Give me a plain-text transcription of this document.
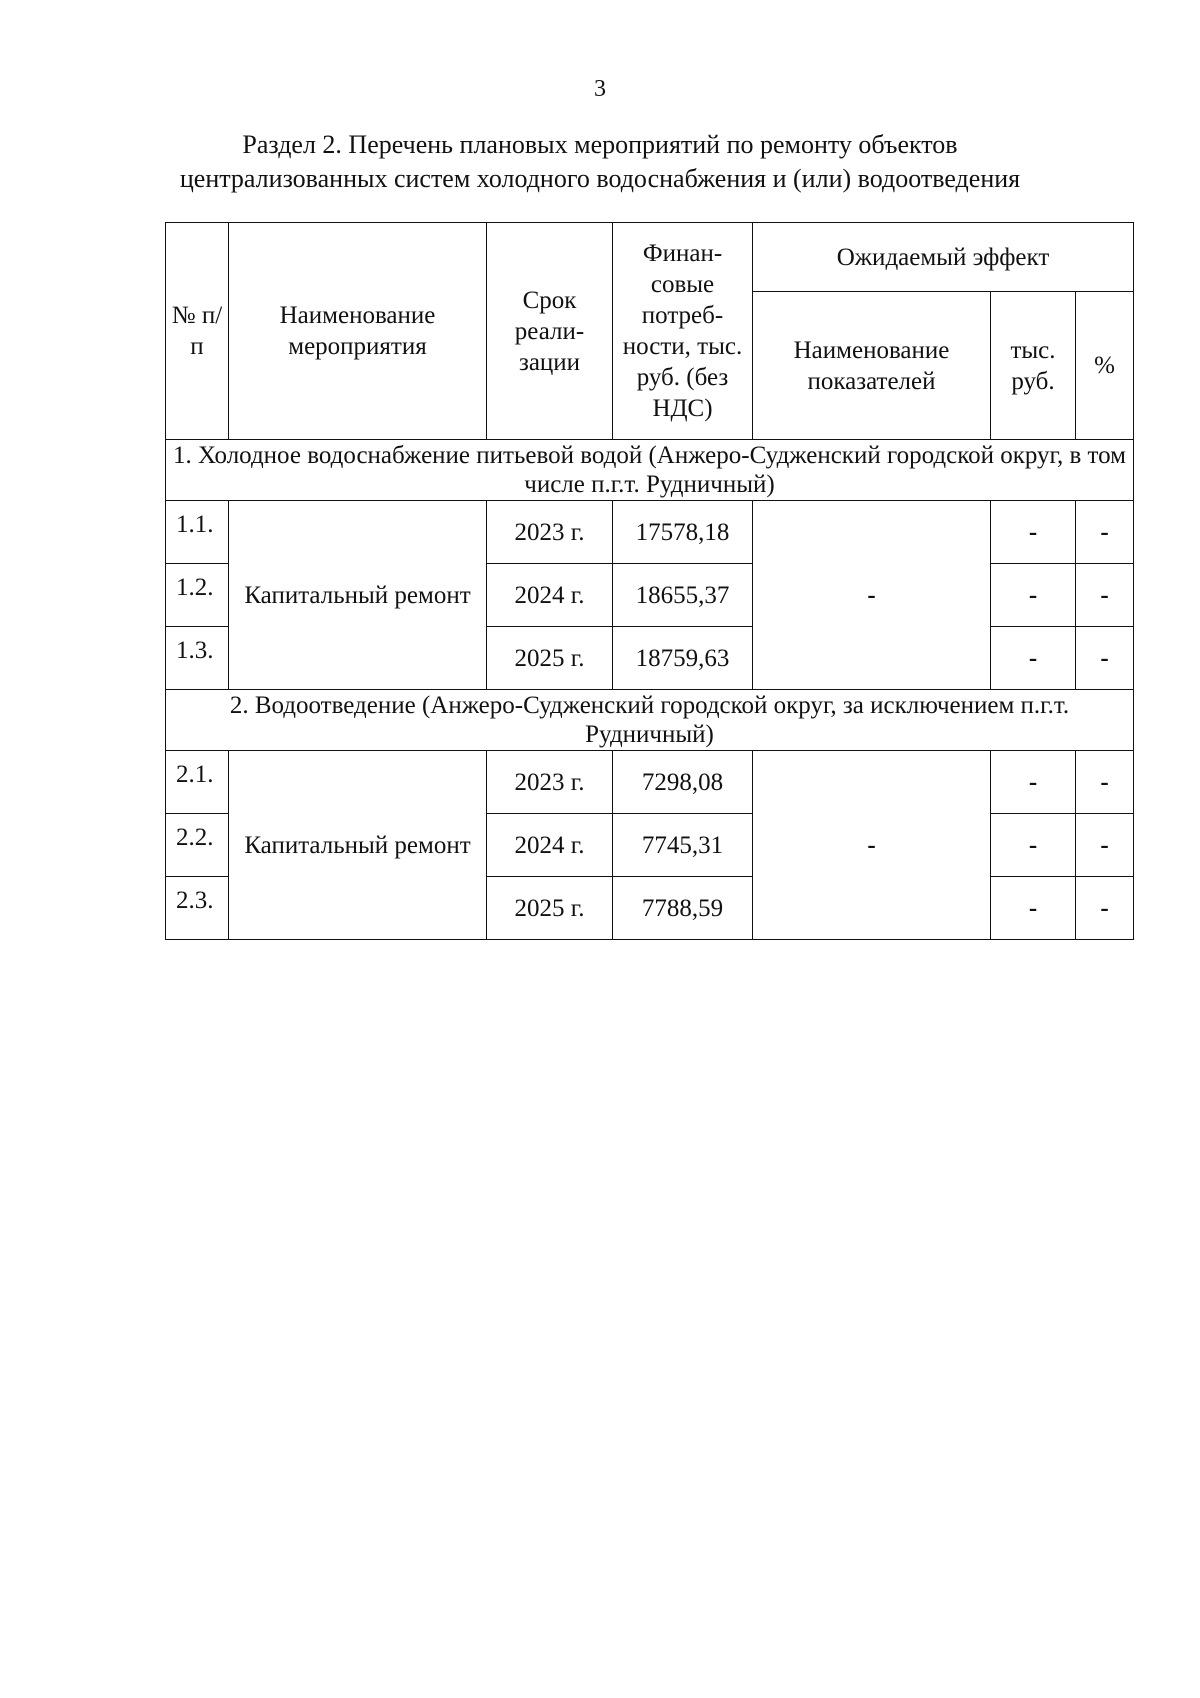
3
Раздел 2. Перечень плановых мероприятий по ремонту объектов
централизованных систем холодного водоснабжения и (или) водоотведения
№ п/п	Наименование мероприятия	Срок реали-зации	Финан-совые потреб-ности, тыс. руб. (без НДС)	Ожидаемый эффект		
				Наименование показателей	тыс. руб.	%
1. Холодное водоснабжение питьевой водой (Анжеро-Судженский городской округ, в том числе п.г.т. Рудничный)						
1.1.	Капитальный ремонт	2023 г.	17578,18	-	-	-
1.2.		2024 г.	18655,37		-	-
1.3.		2025 г.	18759,63		-	-
2. Водоотведение (Анжеро-Судженский городской округ, за исключением п.г.т. Рудничный)						
2.1.	Капитальный ремонт	2023 г.	7298,08	-	-	-
2.2.		2024 г.	7745,31		-	-
2.3.		2025 г.	7788,59		-	-
